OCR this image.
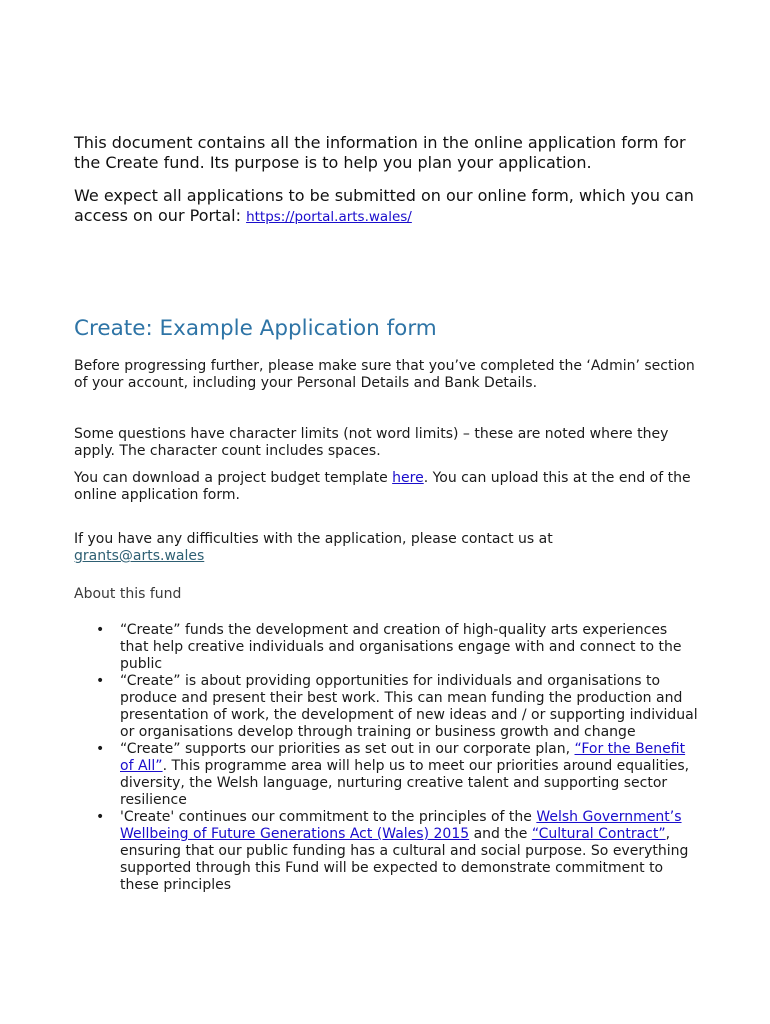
This document contains all the information in the online application form for the Create fund. Its purpose is to help you plan your application.

We expect all applications to be submitted on our online form, which you can access on our Portal: https://portal.arts.wales/

Create: Example Application form

Before progressing further, please make sure that you’ve completed the ‘Admin’ section of your account, including your Personal Details and Bank Details.

Some questions have character limits (not word limits) – these are noted where they apply. The character count includes spaces.

You can download a project budget template here. You can upload this at the end of the online application form.

If you have any difficulties with the application, please contact us at grants@arts.wales

About this fund
• “Create” funds the development and creation of high-quality arts experiences that help creative individuals and organisations engage with and connect to the public
• “Create” is about providing opportunities for individuals and organisations to produce and present their best work. This can mean funding the production and presentation of work, the development of new ideas and / or supporting individual or organisations develop through training or business growth and change
• “Create” supports our priorities as set out in our corporate plan, “For the Benefit of All”. This programme area will help us to meet our priorities around equalities, diversity, the Welsh language, nurturing creative talent and supporting sector resilience
• 'Create' continues our commitment to the principles of the Welsh Government’s Wellbeing of Future Generations Act (Wales) 2015 and the “Cultural Contract”, ensuring that our public funding has a cultural and social purpose. So everything supported through this Fund will be expected to demonstrate commitment to these principles
